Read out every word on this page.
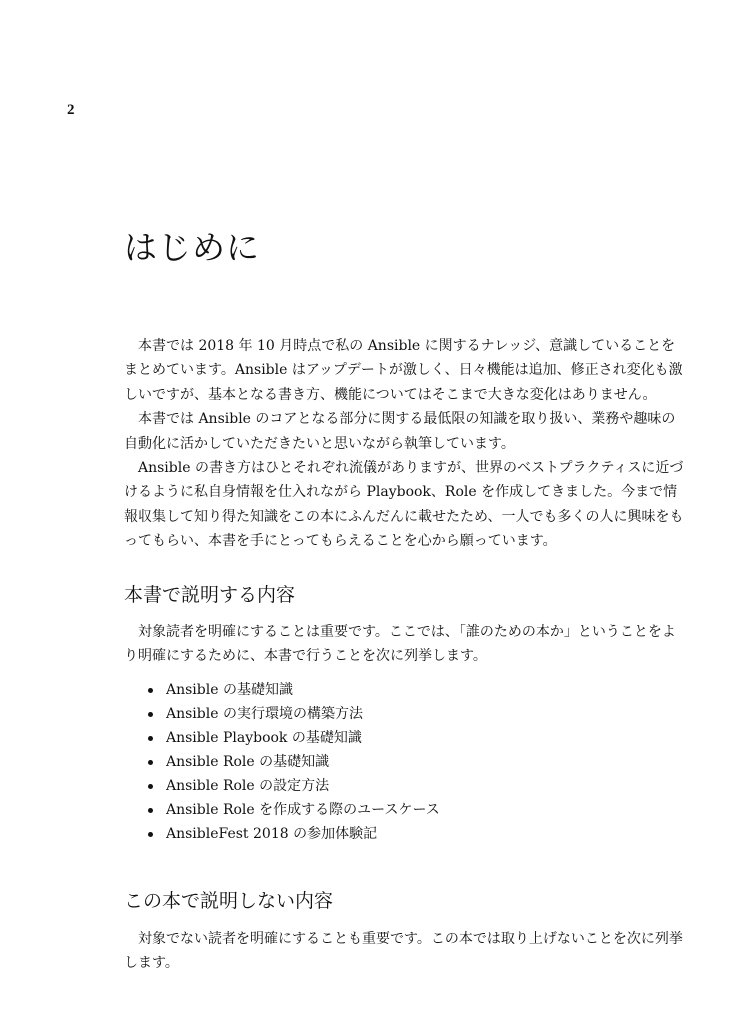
2
はじめに

本書では 2018 年 10 月時点で私の Ansible に関するナレッジ、意識していることをまとめています。Ansible はアップデートが激しく、日々機能は追加、修正され変化も激しいですが、基本となる書き方、機能についてはそこまで大きな変化はありません。

本書では Ansible のコアとなる部分に関する最低限の知識を取り扱い、業務や趣味の自動化に活かしていただきたいと思いながら執筆しています。

Ansible の書き方はひとそれぞれ流儀がありますが、世界のベストプラクティスに近づけるように私自身情報を仕入れながら Playbook、Role を作成してきました。今まで情報収集して知り得た知識をこの本にふんだんに載せたため、一人でも多くの人に興味をもってもらい、本書を手にとってもらえることを心から願っています。

本書で説明する内容

対象読者を明確にすることは重要です。ここでは、「誰のための本か」ということをより明確にするために、本書で行うことを次に列挙します。

Ansible の基礎知識
Ansible の実行環境の構築方法
Ansible Playbook の基礎知識
Ansible Role の基礎知識
Ansible Role の設定方法
Ansible Role を作成する際のユースケース
AnsibleFest 2018 の参加体験記
この本で説明しない内容

対象でない読者を明確にすることも重要です。この本では取り上げないことを次に列挙します。
